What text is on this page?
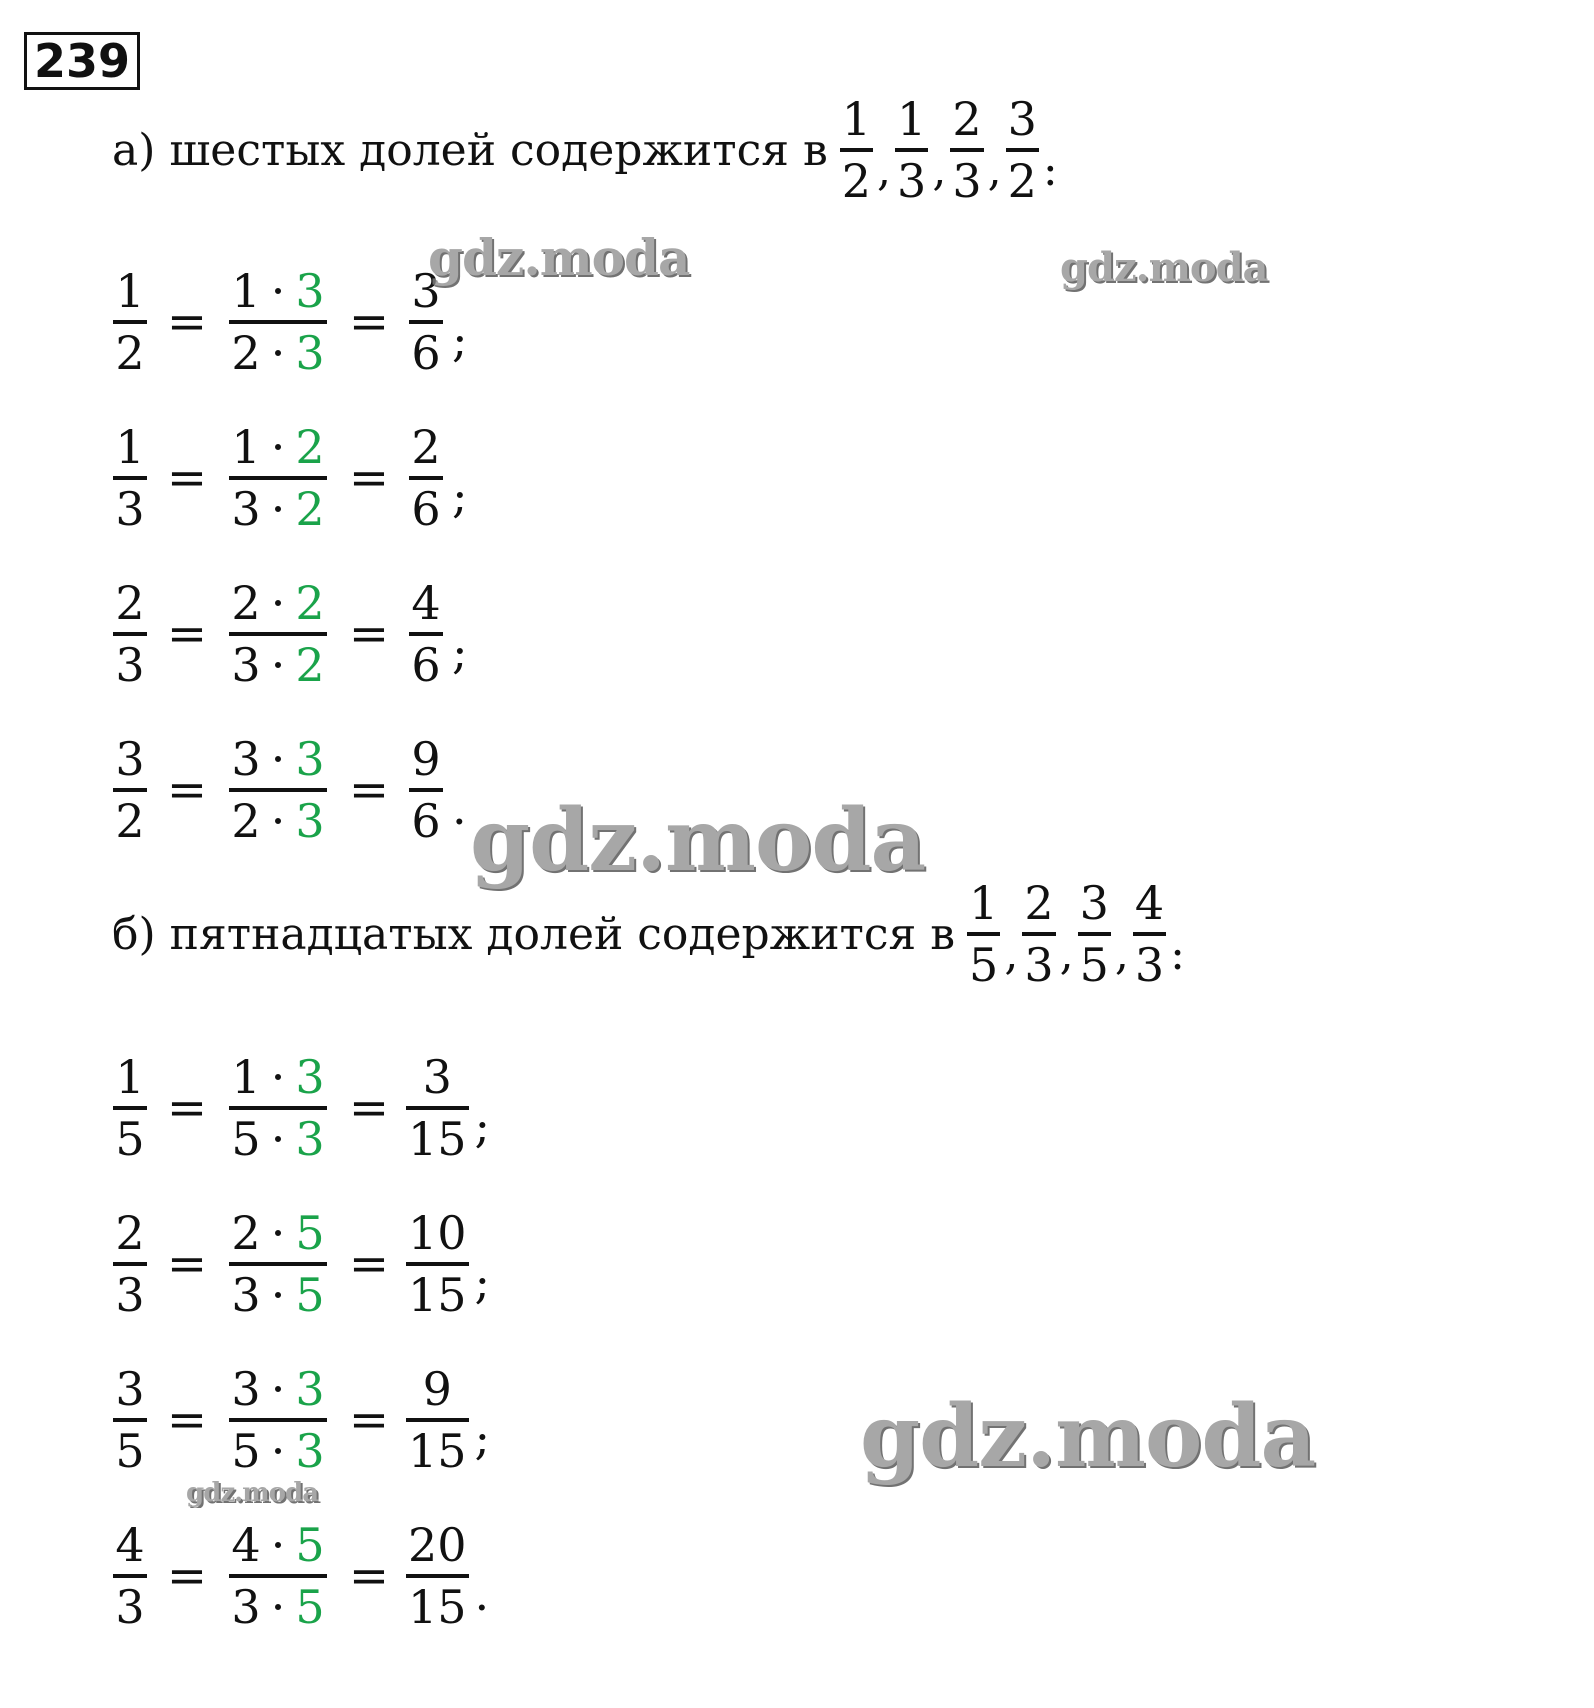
239
а) шестых долей содержится в $\frac{1}{2}$ , $\frac{1}{3}$ , $\frac{2}{3}$ , $\frac{3}{2}$ :
$\frac{1}{2} = \frac{1 \cdot 3}{2 \cdot 3} = \frac{3}{6}$ ;
$\frac{1}{3} = \frac{1 \cdot 2}{3 \cdot 2} = \frac{2}{6}$ ;
$\frac{2}{3} = \frac{2 \cdot 2}{3 \cdot 2} = \frac{4}{6}$ ;
$\frac{3}{2} = \frac{3 \cdot 3}{2 \cdot 3} = \frac{9}{6}$ .
б) пятнадцатых долей содержится в $\frac{1}{5}$ , $\frac{2}{3}$ , $\frac{3}{5}$ , $\frac{4}{3}$ :
$\frac{1}{5} = \frac{1 \cdot 3}{5 \cdot 3} = \frac{3}{15}$ ;
$\frac{2}{3} = \frac{2 \cdot 5}{3 \cdot 5} = \frac{10}{15}$ ;
$\frac{3}{5} = \frac{3 \cdot 3}{5 \cdot 3} = \frac{9}{15}$ ;
$\frac{4}{3} = \frac{4 \cdot 5}{3 \cdot 5} = \frac{20}{15}$ .
gdz.moda	gdz.moda
gdz.moda
gdz.moda
gdz.moda
